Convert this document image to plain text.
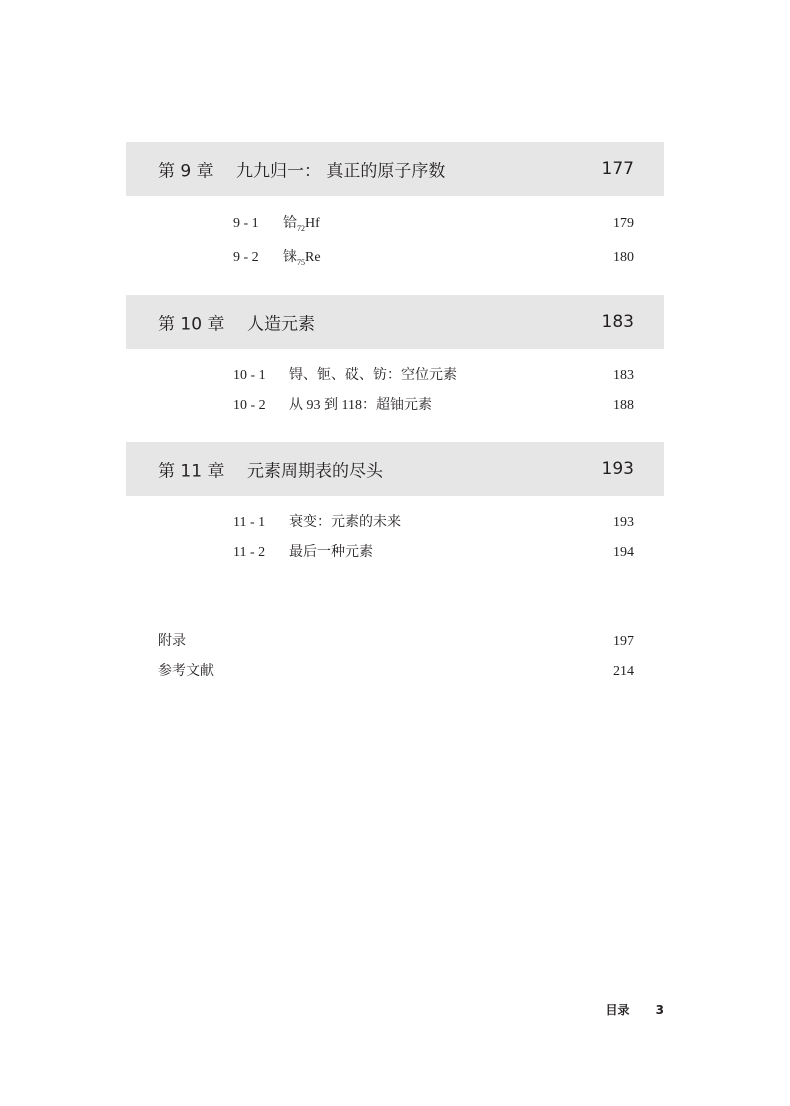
第 9 章 九九归一： 真正的原子序数	177
9 - 1 铪$_{72}$Hf	179
9 - 2 铼$_{75}$Re	180
第 10 章 人造元素	183
10 - 1 锝、钷、砹、钫：空位元素	183
10 - 2 从 93 到 118：超铀元素	188
第 11 章 元素周期表的尽头	193
11 - 1 衰变：元素的未来	193
11 - 2 最后一种元素	194
附录	197
参考文献	214
目录 3
